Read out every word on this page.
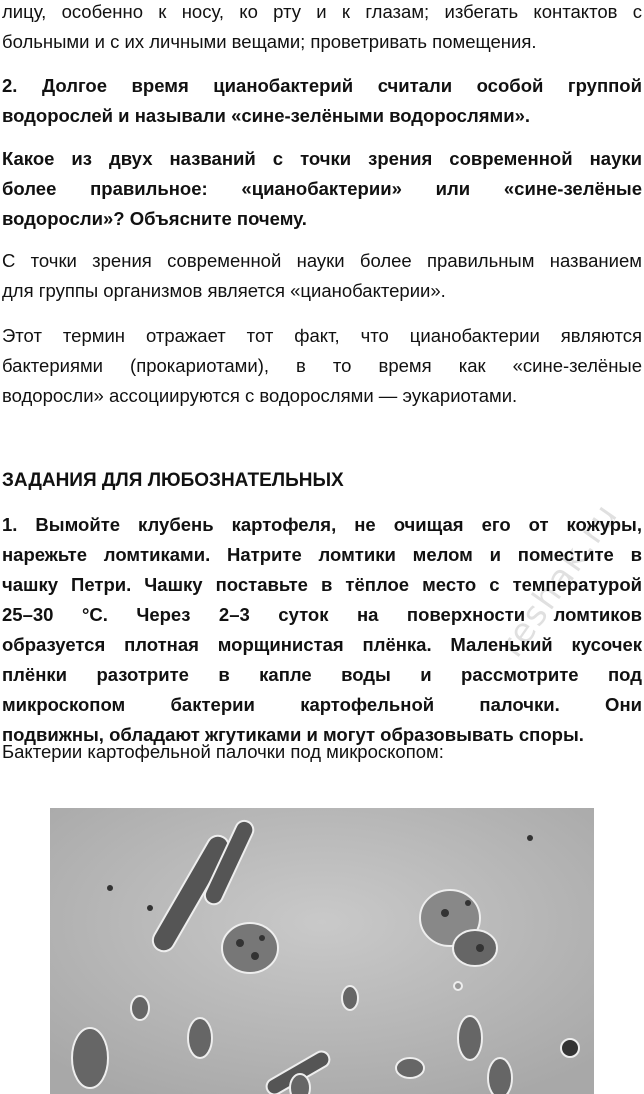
лицу, особенно к носу, ко рту и к глазам; избегать контактов с
больными и с их личными вещами; проветривать помещения.
2. Долгое время цианобактерий считали особой группой
водорослей и называли «сине-зелёными водорослями».
Какое из двух названий с точки зрения современной науки
более правильное: «цианобактерии» или «сине-зелёные
водоросли»? Объясните почему.
С точки зрения современной науки более правильным названием
для группы организмов является «цианобактерии».
Этот термин отражает тот факт, что цианобактерии являются
бактериями (прокариотами), в то время как «сине-зелёные
водоросли» ассоциируются с водорослями — эукариотами.
ЗАДАНИЯ ДЛЯ ЛЮБОЗНАТЕЛЬНЫХ
1. Вымойте клубень картофеля, не очищая его от кожуры,
нарежьте ломтиками. Натрите ломтики мелом и поместите в
чашку Петри. Чашку поставьте в тёплое место с температурой
25–30 °С. Через 2–3 суток на поверхности ломтиков
образуется плотная морщинистая плёнка. Маленький кусочек
плёнки разотрите в капле воды и рассмотрите под
микроскопом бактерии картофельной палочки. Они
подвижны, обладают жгутиками и могут образовывать споры.
reshak.ru
Бактерии картофельной палочки под микроскопом:
